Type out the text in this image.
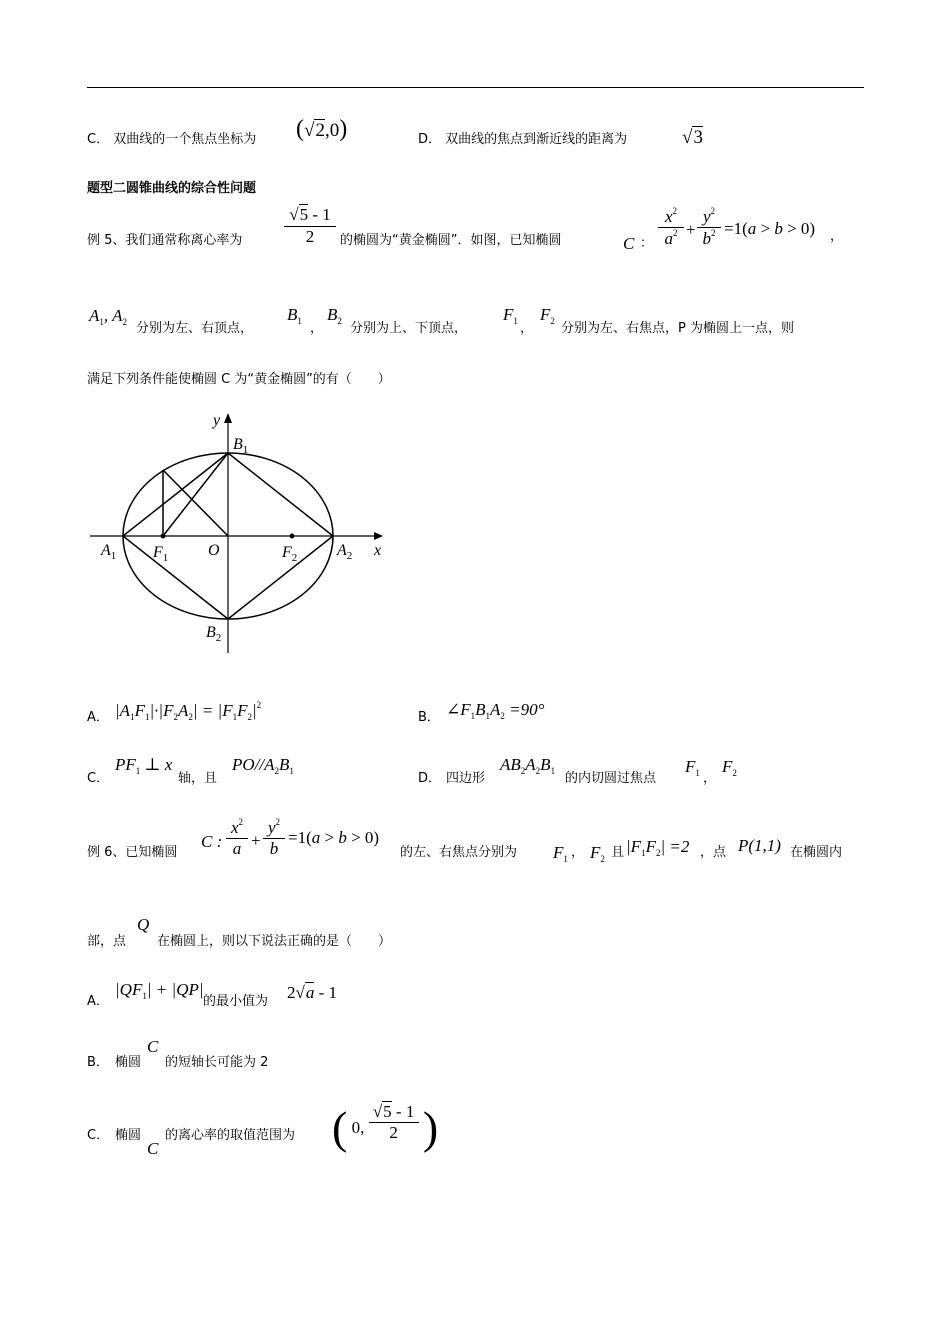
C． 双曲线的一个焦点坐标为 (√2,0)	D． 双曲线的焦点到渐近线的距离为	√3
题型二圆锥曲线的综合性问题
例 5、我们通常称离心率为
√5 - 1
2	的椭圆为“黄金椭圆”．如图，已知椭圆	C ：
$x^2$
$a^2$ +
$y^2$
$b^2 =1(a > b > 0)$ ，
$A_1$, $A_2$ 分别为左、右顶点，
$B_1$ ，
$B_2$ 分别为上、下顶点，
$F_1$ ，
$F_2$ 分别为左、右焦点，P 为椭圆上一点，则
满足下列条件能使椭圆 C 为“黄金椭圆”的有（　　）
y
$B_1$
$A_1$ $F_1$ O	$F_2$ $A_2$ x
$B_2$
A． $|A_1F_1|\cdot|F_2A_2| = |F_1F_2|^2$
B． $\angle F_1B_1A_2 =90^\circ$
C．
$PF_1$ ⊥ x
轴，且
$PO//A_2B_1$	D． 四边形
$AB_2A_2B_1$ 的内切圆过焦点
$F_1$ ，
$F_2$
例 6、已知椭圆
C :
$x^2$
a +
$y^2$
b
=1(a > b > 0)
的左、右焦点分别为 $F_1$ ， $F_2$ 且 $|F_1F_2| =2$ ，点 P(1,1) 在椭圆内
部，点
Q
在椭圆上，则以下说法正确的是（　　）
A．
$|QF_1| + |QP|$
的最小值为 2√a - 1
B． 椭圆
C
的短轴长可能为 2
C． 椭圆
C
的离心率的取值范围为 ( 0, $\frac{√5 - 1}{2}$ )
